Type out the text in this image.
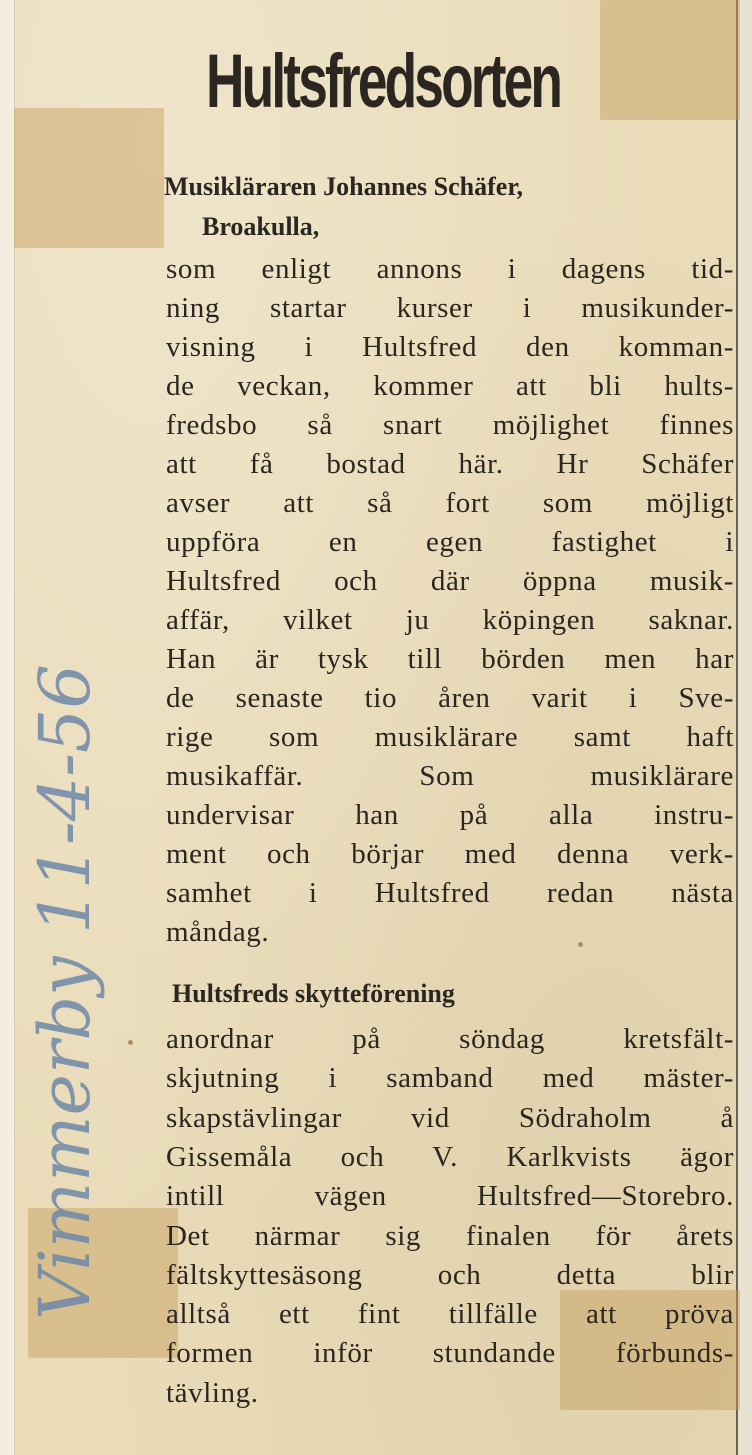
Hultsfredsorten
Musikläraren Johannes Schäfer,
Broakulla,
som enligt annons i dagens tid-
ning startar kurser i musikunder-
visning i Hultsfred den komman-
de veckan, kommer att bli hults-
fredsbo så snart möjlighet finnes
att få bostad här. Hr Schäfer
avser att så fort som möjligt
uppföra en egen fastighet i
Hultsfred och där öppna musik-
affär, vilket ju köpingen saknar.
Han är tysk till börden men har
de senaste tio åren varit i Sve-
rige som musiklärare samt haft
musikaffär. Som musiklärare
undervisar han på alla instru-
ment och börjar med denna verk-
samhet i Hultsfred redan nästa
måndag.
Hultsfreds skytteförening
anordnar på söndag kretsfält-
skjutning i samband med mäster-
skapstävlingar vid Södraholm å
Gissemåla och V. Karlkvists ägor
intill vägen Hultsfred—Storebro.
Det närmar sig finalen för årets
fältskyttesäsong och detta blir
alltså ett fint tillfälle att pröva
formen inför stundande förbunds-
tävling.
Vimmerby 11-4-56
